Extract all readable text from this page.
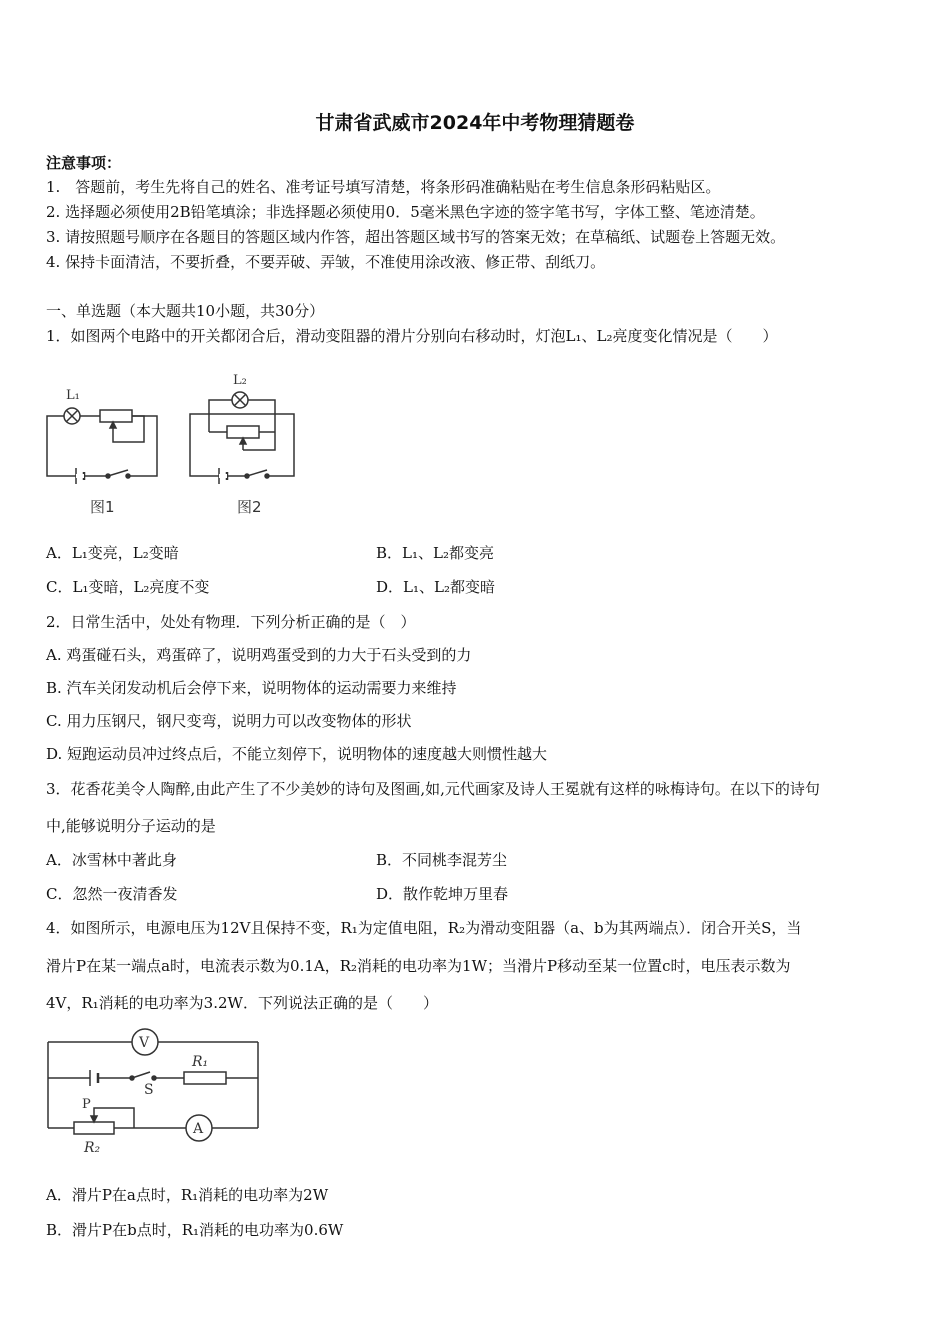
甘肃省武威市2024年中考物理猜题卷
注意事项：
1.　答题前，考生先将自己的姓名、准考证号填写清楚，将条形码准确粘贴在考生信息条形码粘贴区。
2. 选择题必须使用2B铅笔填涂；非选择题必须使用0．5毫米黑色字迹的签字笔书写，字体工整、笔迹清楚。
3. 请按照题号顺序在各题目的答题区域内作答，超出答题区域书写的答案无效；在草稿纸、试题卷上答题无效。
4. 保持卡面清洁，不要折叠，不要弄破、弄皱，不准使用涂改液、修正带、刮纸刀。
一、单选题（本大题共10小题，共30分）
1．如图两个电路中的开关都闭合后，滑动变阻器的滑片分别向右移动时，灯泡L₁、L₂亮度变化情况是（　　）
L₁
图1
L₂
图2
A．L₁变亮，L₂变暗	B．L₁、L₂都变亮
C．L₁变暗，L₂亮度不变	D．L₁、L₂都变暗
2．日常生活中，处处有物理．下列分析正确的是（　）
A. 鸡蛋碰石头，鸡蛋碎了，说明鸡蛋受到的力大于石头受到的力
B. 汽车关闭发动机后会停下来，说明物体的运动需要力来维持
C. 用力压钢尺，钢尺变弯，说明力可以改变物体的形状
D. 短跑运动员冲过终点后，不能立刻停下，说明物体的速度越大则惯性越大
3．花香花美令人陶醉,由此产生了不少美妙的诗句及图画,如,元代画家及诗人王冕就有这样的咏梅诗句。在以下的诗句
中,能够说明分子运动的是
A．冰雪林中著此身	B．不同桃李混芳尘
C．忽然一夜清香发	D．散作乾坤万里春
4．如图所示，电源电压为12V且保持不变，R₁为定值电阻，R₂为滑动变阻器（a、b为其两端点）．闭合开关S，当
滑片P在某一端点a时，电流表示数为0.1A，R₂消耗的电功率为1W；当滑片P移动至某一位置c时，电压表示数为
4V，R₁消耗的电功率为3.2W．下列说法正确的是（　　）
V
A
R₁
R₂
S
P
A．滑片P在a点时，R₁消耗的电功率为2W
B．滑片P在b点时，R₁消耗的电功率为0.6W
